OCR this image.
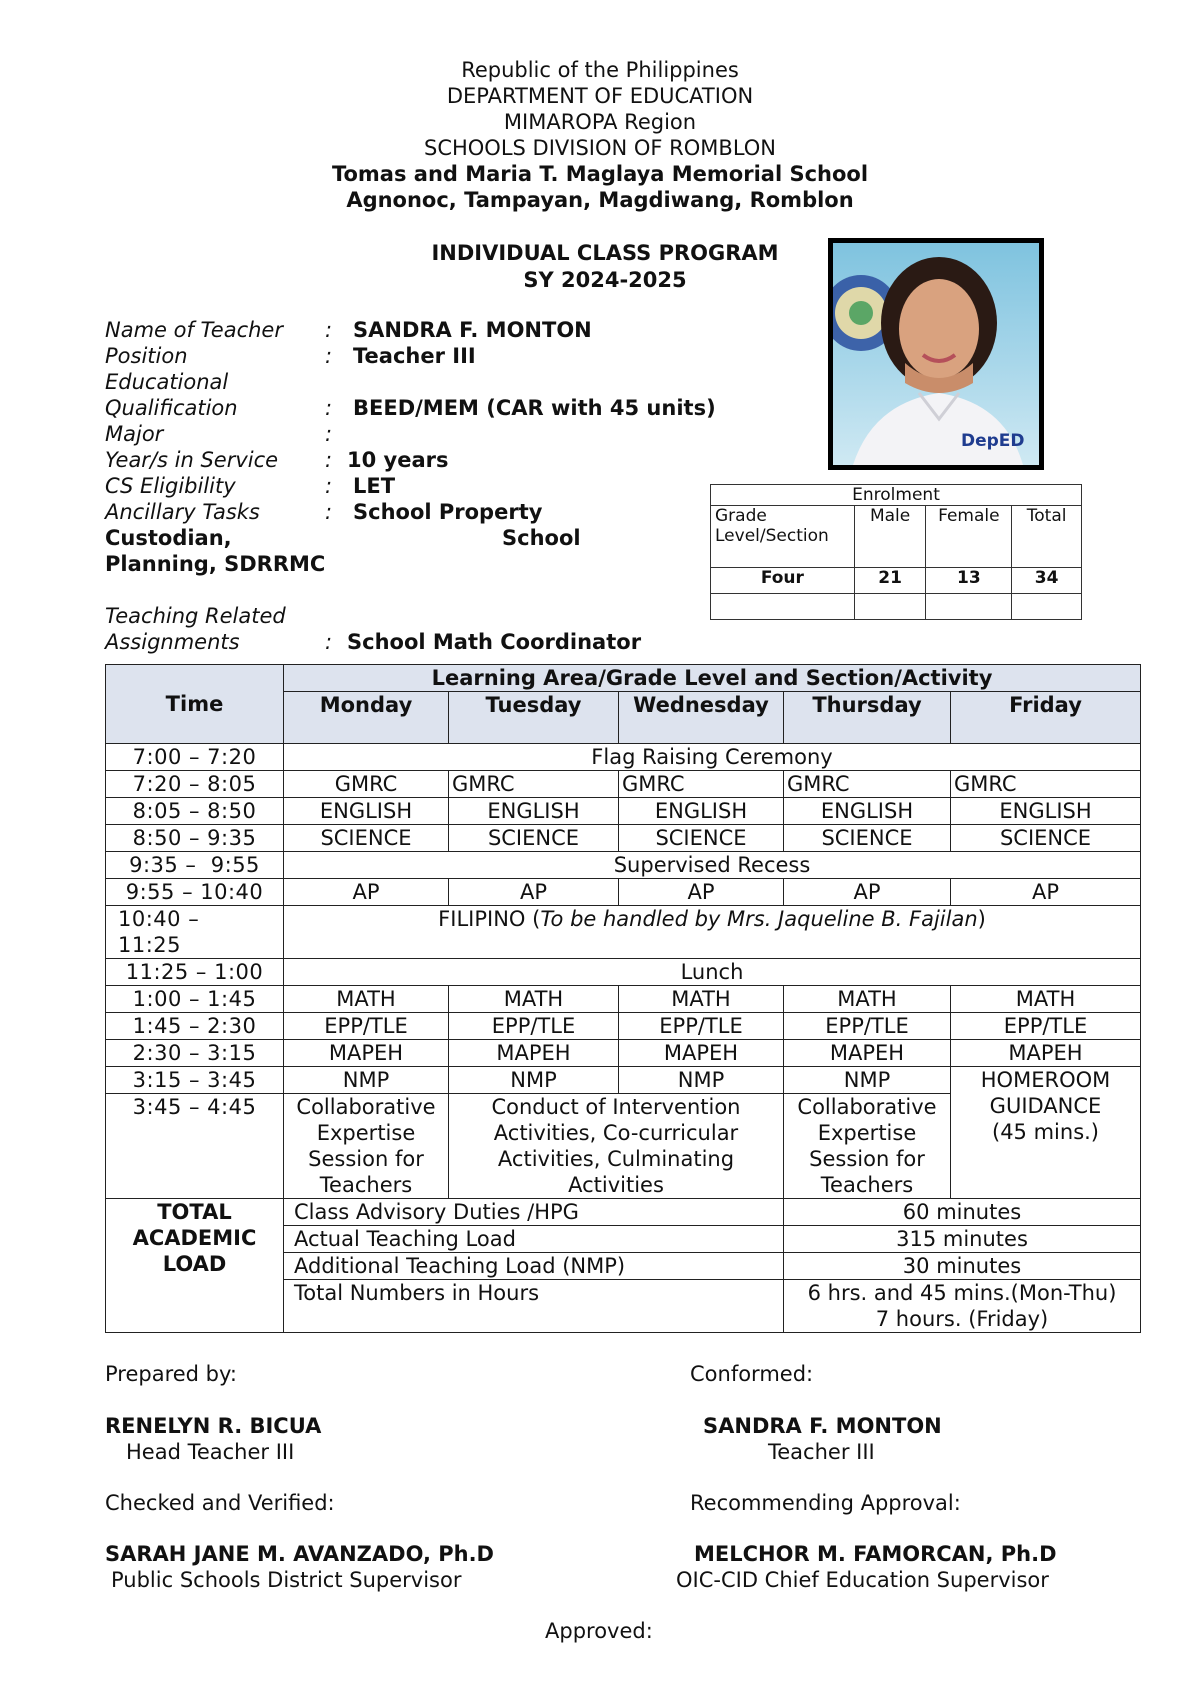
Republic of the Philippines
DEPARTMENT OF EDUCATION
MIMAROPA Region
SCHOOLS DIVISION OF ROMBLON
Tomas and Maria T. Maglaya Memorial School
Agnonoc, Tampayan, Magdiwang, Romblon
INDIVIDUAL CLASS PROGRAM
SY 2024-2025
Name of Teacher : SANDRA F. MONTON
Position	: Teacher III
Educational
Qualification	: BEED/MEM (CAR with 45 units)
Major	:
Year/s in Service : 10 years
CS Eligibility	: LET
Ancillary Tasks	: School Property
Custodian,	School
Planning, SDRRMC
Teaching Related
Assignments	: School Math Coordinator
DepED
Enrolment			
Grade Level/Section	Male	Female	Total
Four	21	13	34

Time	Learning Area/Grade Level and Section/Activity				
	Monday	Tuesday	Wednesday	Thursday	Friday
7:00 – 7:20	Flag Raising Ceremony				
7:20 – 8:05	GMRC	GMRC	GMRC	GMRC	GMRC
8:05 – 8:50	ENGLISH	ENGLISH	ENGLISH	ENGLISH	ENGLISH
8:50 – 9:35	SCIENCE	SCIENCE	SCIENCE	SCIENCE	SCIENCE
9:35 –  9:55	Supervised Recess				
9:55 – 10:40	AP	AP	AP	AP	AP
10:40 – 11:25	FILIPINO (To be handled by Mrs. Jaqueline B. Fajilan)				
11:25 – 1:00	Lunch				
1:00 – 1:45	MATH	MATH	MATH	MATH	MATH
1:45 – 2:30	EPP/TLE	EPP/TLE	EPP/TLE	EPP/TLE	EPP/TLE
2:30 – 3:15	MAPEH	MAPEH	MAPEH	MAPEH	MAPEH
3:15 – 3:45	NMP	NMP	NMP	NMP	HOMEROOM GUIDANCE (45 mins.)
3:45 – 4:45	Collaborative Expertise Session for Teachers	Conduct of Intervention Activities, Co-curricular Activities, Culminating Activities		Collaborative Expertise Session for Teachers	
TOTAL ACADEMIC LOAD	Class Advisory Duties /HPG			60 minutes	
	Actual Teaching Load			315 minutes	
	Additional Teaching Load (NMP)			30 minutes	
	Total Numbers in Hours			6 hrs. and 45 mins.(Mon-Thu)
7 hours. (Friday)	
Prepared by:	Conformed:
RENELYN R. BICUA
Head Teacher III
SANDRA F. MONTON
Teacher III
Checked and Verified:	Recommending Approval:
SARAH JANE M. AVANZADO, Ph.D
Public Schools District Supervisor
MELCHOR M. FAMORCAN, Ph.D
OIC-CID Chief Education Supervisor
Approved:
